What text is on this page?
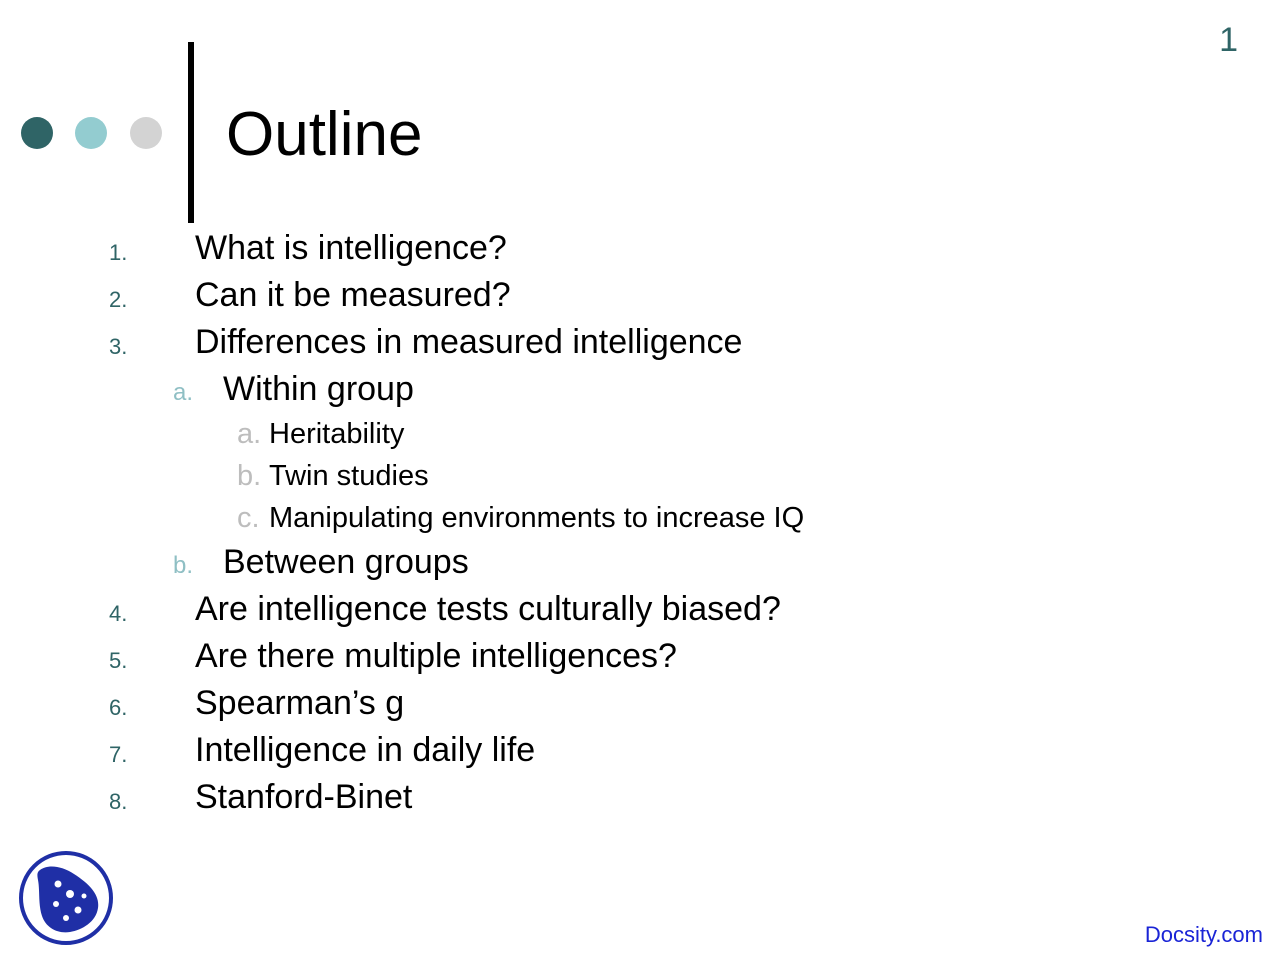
1
Outline
1. What is intelligence?
2. Can it be measured?
3. Differences in measured intelligence
a. Within group
a. Heritability
b. Twin studies
c. Manipulating environments to increase IQ
b. Between groups
4. Are intelligence tests culturally biased?
5. Are there multiple intelligences?
6. Spearman’s g
7. Intelligence in daily life
8. Stanford-Binet
Docsity.com
